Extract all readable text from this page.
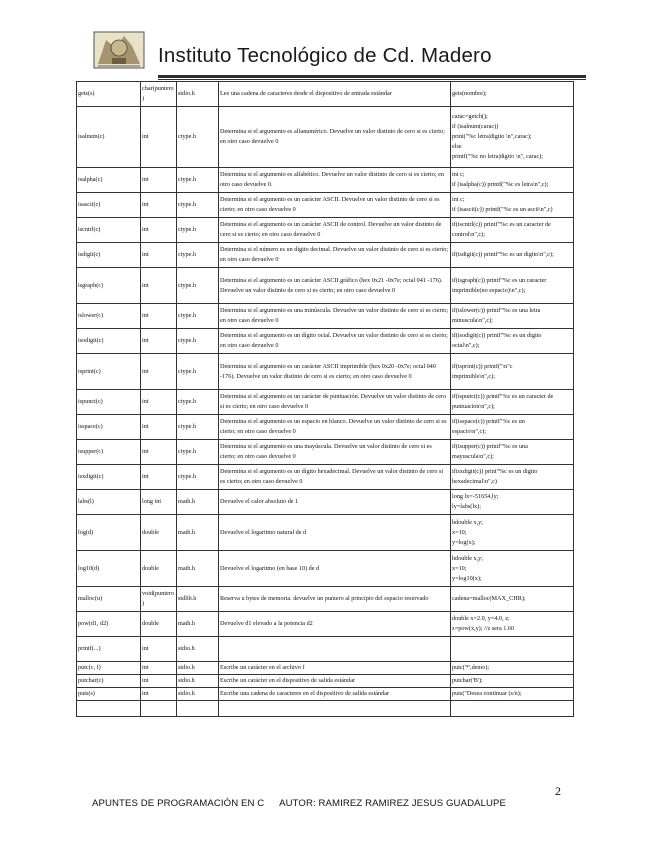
Instituto Tecnológico de Cd. Madero
gets(s)	char(puntero)	stdio.h	Lee una cadena de caracteres desde el dispositivo de entrada estándar	gets(nombre);

isalnum(c)	int	ctype.h	Determina si el argumento es alfanumérico. Devuelve un valor distinto de cero si es cierto; en otro caso devuelve 0	carac=getch();
if (isalnum(carac))
print("%c letra|digito \n",carac);
else
printf("%c no letra|digito \n", carac);

isalpha(c)	int	ctype.h	Determina si el argumento es alfabético. Devuelve un valor distinto de cero si es cierto; en otro caso devuelve 0.	int c;
if (isalpha(c)) printf("%c es letra\n",c);

isascii(c)	int	ctype.h	Determina si el argumento es un carácter ASCII. Devuelve un valor distinto de cero si es cierto; en otro caso devuelve 0	int c;
if (isascii(c)) printf("%c es un ascii\n",c)

iscntrl(c)	int	ctype.h	Determina si el argumento es un carácter ASCII de control. Devuelve un valor distinto de cero si es cierto; en otro caso devuelve 0	if(iscntrl(c)) printf"%c es un caracter de
control\n",c);

isdigit(c)	int	ctype.h	Determina si el número es un dígito decimal. Devuelve un valor distinto de cero si es cierto; en otro caso devuelve 0	if(isdigit(c)) printf"%c es un digito\n",c);

isgraph(c)	int	ctype.h	Determina si el argumento es un carácter ASCII gráfico (hex 0x21 -0x7e; octal 041 -176). Devuelve un valor distinto de cero si es cierto; en otro caso devuelve 0	if(isgraph(c)) printf"%c es un caracter
imprimible(no espacio)\n",c);

islower(c)	int	ctype.h	Determina si el argumento es una minúscula. Devuelve un valor distinto de cero si es cierto; en otro caso devuelve 0	if(islower(c)) printf"%c es una letra
minuscula\n",c);

isodigit(c)	int	ctype.h	Determina si el argumento es un dígito octal. Devuelve un valor distinto de cero si es cierto; en otro caso devuelve 0	if(isodigit(c)) printf"%c es un digito
octal\n",c);

isprint(c)	int	ctype.h	Determina si el argumento es un carácter ASCII imprimible (hex 0x20 -0x7e; octal 040 -176). Devuelve un valor distinto de cero si es cierto; en otro caso devuelve 0	if(isprint(c)) printf("\n"c
imprimible\n",c);

ispunct(c)	int	ctype.h	Determina si el argumento es un carácter de puntuación. Devuelve un valor distinto de cero si es cierto; en otro caso devuelve 0	if(ispunct(c)) printf"%c es un caracter de
puntuacion\n",c);

isspace(c)	int	ctype.h	Determina si el argumento es un espacio en blanco. Devuelve un valor distinto de cero si es cierto; en otro caso devuelve 0	if(isspace(c)) printf"%c es un
espacio\n",c);

isupper(c)	int	ctype.h	Determina si el argumento es una mayúscula. Devuelve un valor distinto de cero si es cierto; en otro caso devuelve 0	if(isupper(c)) printf"%c es una
mayuscula\n",c);

isxdigit(c)	int	ctype.h	Determina si el argumento es un dígito hexadecimal. Devuelve un valor distinto de cero si es cierto; en otro caso devuelve 0	ifisxdigit(c)) print"%c es un digito
hexadecimal\n",c)

labs(l)	long int	math.h	Devuelve el calor absoluto de 1	long lx=-51654,ly;
ly=labs(lx);

log(d)	double	math.h	Devuelve el logaritmo natural de d	hdouble x,y;
x=10;
y=log(x);

log10(d)	double	math.h	Devuelve el logaritmo (en base 10) de d	hdouble x,y;
x=10;
y=log10(x);

malloc(u)	void(puntero)	stdlib.h	Reserva u bytes de memoria. devuelve un puntero al principio del espacio reservado	cadena=malloc(MAX_CHR);

pow(d1, d2)	double	math.h	Devuelve d1 elevado a la potencia d2	double x=2.0, y=4.0, z;
z=pow(x,y); //z sera 1.60

printf(...)	int	stdio.h		
putc(c, f)	int	stdio.h	Escribe un carácter en el archivo f	putc('*',demo);

putchar(c)	int	stdio.h	Escribe un carácter en el dispositivo de salida estándar	putchar('B');

puts(s)	int	stdio.h	Escribe una cadena de caracteres en el dispositivo de salida estándar	puts("Desea continuar (s/n);

2
APUNTES DE PROGRAMACIÓN EN C AUTOR: RAMIREZ RAMIREZ JESUS GUADALUPE
